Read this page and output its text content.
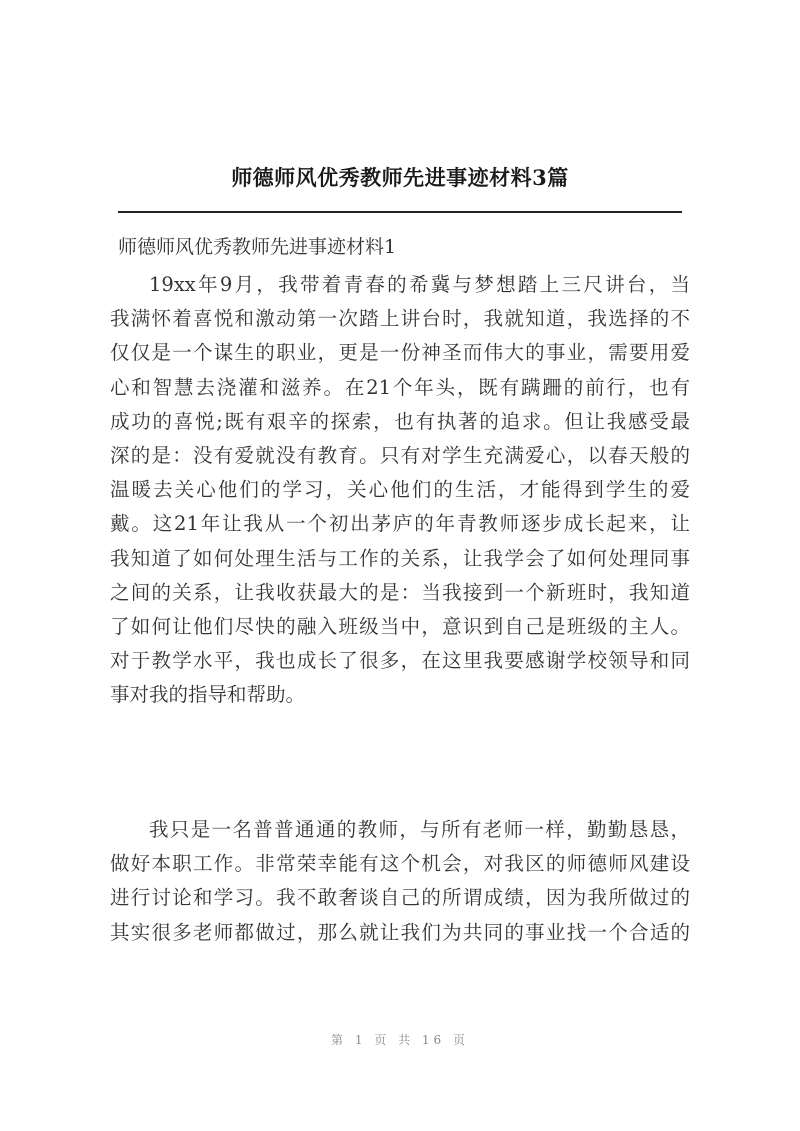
师德师风优秀教师先进事迹材料3篇

师德师风优秀教师先进事迹材料1

19xx年9月，我带着青春的希冀与梦想踏上三尺讲台，当
我满怀着喜悦和激动第一次踏上讲台时，我就知道，我选择的不
仅仅是一个谋生的职业，更是一份神圣而伟大的事业，需要用爱
心和智慧去浇灌和滋养。在21个年头，既有蹒跚的前行，也有
成功的喜悦;既有艰辛的探索，也有执著的追求。但让我感受最
深的是：没有爱就没有教育。只有对学生充满爱心，以春天般的
温暖去关心他们的学习，关心他们的生活，才能得到学生的爱
戴。这21年让我从一个初出茅庐的年青教师逐步成长起来，让
我知道了如何处理生活与工作的关系，让我学会了如何处理同事
之间的关系，让我收获最大的是：当我接到一个新班时，我知道
了如何让他们尽快的融入班级当中，意识到自己是班级的主人。
对于教学水平，我也成长了很多，在这里我要感谢学校领导和同
事对我的指导和帮助。
我只是一名普普通通的教师，与所有老师一样，勤勤恳恳，
做好本职工作。非常荣幸能有这个机会，对我区的师德师风建设
进行讨论和学习。我不敢奢谈自己的所谓成绩，因为我所做过的
其实很多老师都做过，那么就让我们为共同的事业找一个合适的

第 1 页 共 16 页
